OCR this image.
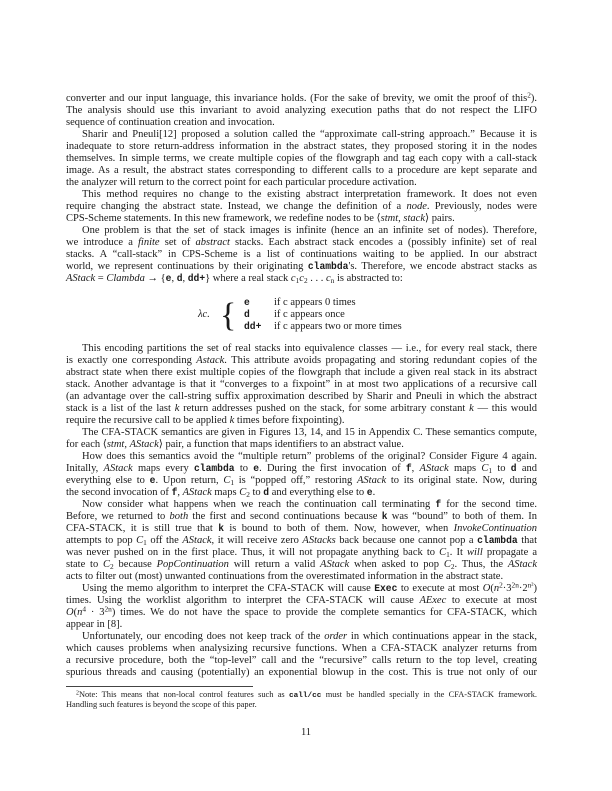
converter and our input language, this invariance holds. (For the sake of brevity, we omit the proof of this$^2$).
The analysis should use this invariant to avoid analyzing execution paths that do not respect the LIFO
sequence of continuation creation and invocation.
Sharir and Pneuli[12] proposed a solution called the “approximate call-string approach.” Because it is
inadequate to store return-address information in the abstract states, they proposed storing it in the nodes
themselves. In simple terms, we create multiple copies of the flowgraph and tag each copy with a call-stack
image. As a result, the abstract states corresponding to different calls to a procedure are kept separate and
the analyzer will return to the correct point for each particular procedure activation.
This method requires no change to the existing abstract interpretation framework. It does not even
require changing the abstract state. Instead, we change the definition of a node. Previously, nodes were
CPS-Scheme statements. In this new framework, we redefine nodes to be ⟨stmt, stack⟩ pairs.
One problem is that the set of stack images is infinite (hence an an infinite set of nodes). Therefore,
we introduce a finite set of abstract stacks. Each abstract stack encodes a (possibly infinite) set of real
stacks. A “call-stack” in CPS-Scheme is a list of continuations waiting to be applied. In our abstract
world, we represent continuations by their originating clambda's. Therefore, we encode abstract stacks as
AStack = Clambda → {e, d, dd+} where a real stack $c_1c_2$ . . . $c_n$ is abstracted to:
λc. { e if c appears 0 times
d if c appears once
dd+ if c appears two or more times
This encoding partitions the set of real stacks into equivalence classes — i.e., for every real stack, there
is exactly one corresponding Astack. This attribute avoids propagating and storing redundant copies of the
abstract state when there exist multiple copies of the flowgraph that include a given real stack in its abstract
stack. Another advantage is that it “converges to a fixpoint” in at most two applications of a recursive call
(an advantage over the call-string suffix approximation described by Sharir and Pneuli in which the abstract
stack is a list of the last k return addresses pushed on the stack, for some arbitrary constant k — this would
require the recursive call to be applied k times before fixpointing).
The CFA-STACK semantics are given in Figures 13, 14, and 15 in Appendix C. These semantics compute,
for each ⟨stmt, AStack⟩ pair, a function that maps identifiers to an abstract value.
How does this semantics avoid the “multiple return” problems of the original? Consider Figure 4 again.
Initally, AStack maps every clambda to e. During the first invocation of f, AStack maps $C_1$ to d and
everything else to e. Upon return, $C_1$ is “popped off,” restoring AStack to its original state. Now, during
the second invocation of f, AStack maps $C_2$ to d and everything else to e.
Now consider what happens when we reach the continuation call terminating f for the second time.
Before, we returned to both the first and second continuations because k was “bound” to both of them. In
CFA-STACK, it is still true that k is bound to both of them. Now, however, when InvokeContinuation
attempts to pop $C_1$ off the AStack, it will receive zero AStacks back because one cannot pop a clambda that
was never pushed on in the first place. Thus, it will not propagate anything back to $C_1$. It will propagate a
state to $C_2$ because PopContinuation will return a valid AStack when asked to pop $C_2$. Thus, the AStack
acts to filter out (most) unwanted continuations from the overestimated information in the abstract state.
Using the memo algorithm to interpret the CFA-STACK will cause Exec to execute at most $O(n^2\cdot 3^{2n}\cdot 2^{n^2})$
times. Using the worklist algorithm to interpret the CFA-STACK will cause AExec to execute at most
$O(n^4 \cdot 3^{2n})$ times. We do not have the space to provide the complete semantics for CFA-STACK, which
appear in [8].
Unfortunately, our encoding does not keep track of the order in which continuations appear in the stack,
which causes problems when analysizing recursive functions. When a CFA-STACK analyzer returns from
a recursive procedure, both the “top-level” call and the “recursive” calls return to the top level, creating
spurious threads and causing (potentially) an exponential blowup in the cost. This is true not only of our
$^2$Note: This means that non-local control features such as call/cc must be handled specially in the CFA-STACK framework.
Handling such features is beyond the scope of this paper.
11
